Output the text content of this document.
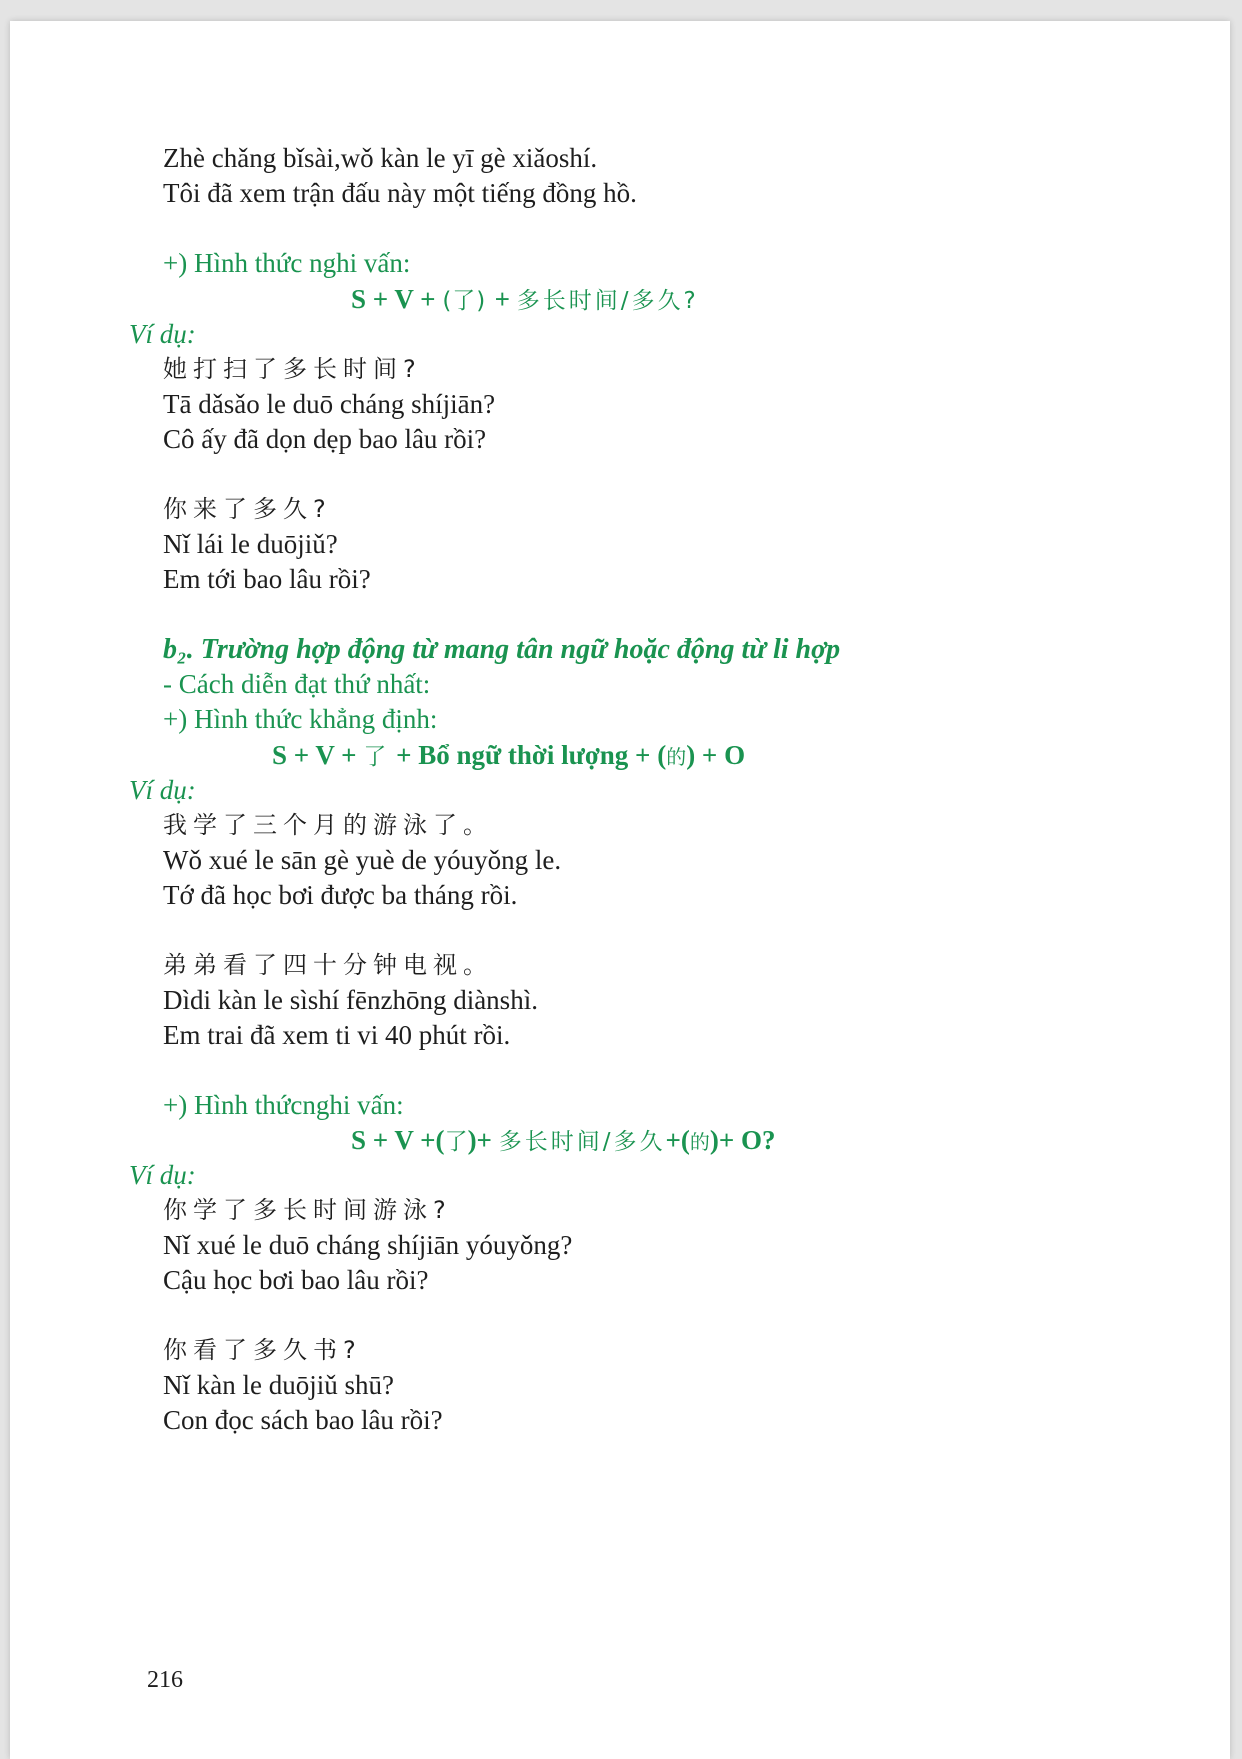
Zhè chǎng bǐsài,wǒ kàn le yī gè xiǎoshí.
Tôi đã xem trận đấu này một tiếng đồng hồ.
+) Hình thức nghi vấn:
S + V + (了) + 多长时间/多久?
Ví dụ:
她打扫了多长时间?
Tā dǎsǎo le duō cháng shíjiān?
Cô ấy đã dọn dẹp bao lâu rồi?
你来了多久?
Nǐ lái le duōjiǔ?
Em tới bao lâu rồi?
b₂. Trường hợp động từ mang tân ngữ hoặc động từ li hợp
- Cách diễn đạt thứ nhất:
+) Hình thức khẳng định:
S + V + 了 + Bổ ngữ thời lượng + (的) + O
Ví dụ:
我学了三个月的游泳了。
Wǒ xué le sān gè yuè de yóuyǒng le.
Tớ đã học bơi được ba tháng rồi.
弟弟看了四十分钟电视。
Dìdi kàn le sìshí fēnzhōng diànshì.
Em trai đã xem ti vi 40 phút rồi.
+) Hình thứcnghi vấn:
S + V +(了)+ 多长时间/多久+(的)+ O?
Ví dụ:
你学了多长时间游泳?
Nǐ xué le duō cháng shíjiān yóuyǒng?
Cậu học bơi bao lâu rồi?
你看了多久书?
Nǐ kàn le duōjiǔ shū?
Con đọc sách bao lâu rồi?
216
